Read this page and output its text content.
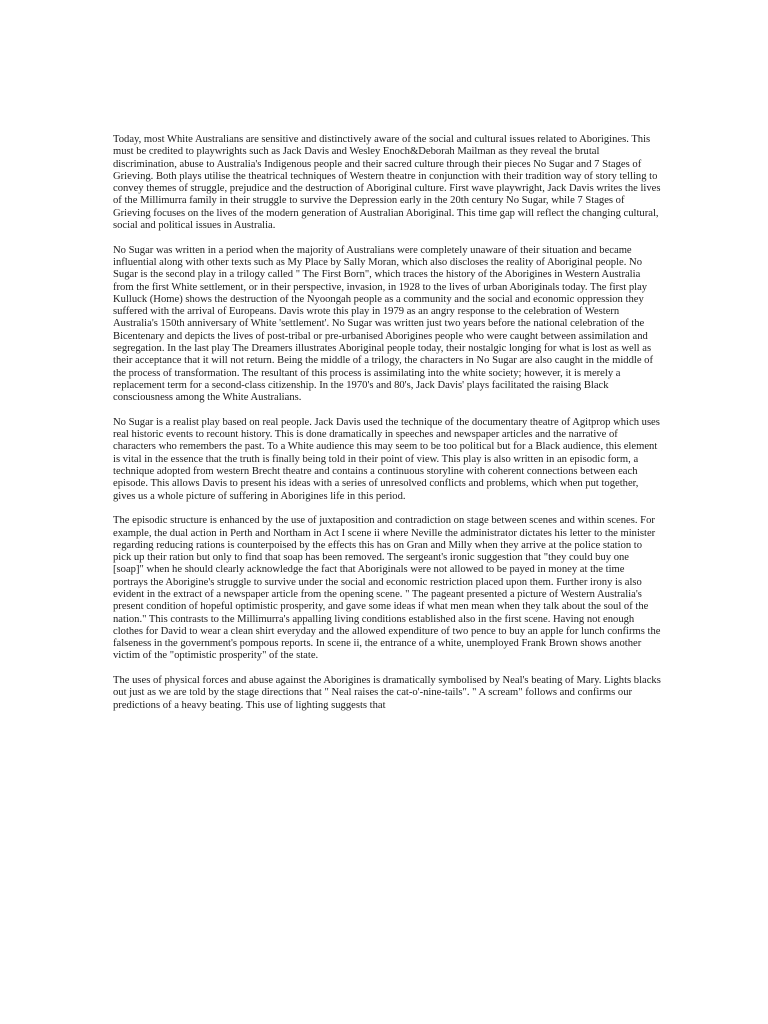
Today, most White Australians are sensitive and distinctively aware of the social and cultural issues related to Aborigines. This must be credited to playwrights such as Jack Davis and Wesley Enoch&Deborah Mailman as they reveal the brutal discrimination, abuse to Australia's Indigenous people and their sacred culture through their pieces No Sugar and 7 Stages of Grieving. Both plays utilise the theatrical techniques of Western theatre in conjunction with their tradition way of story telling to convey themes of struggle, prejudice and the destruction of Aboriginal culture. First wave playwright, Jack Davis writes the lives of the Millimurra family in their struggle to survive the Depression early in the 20th century No Sugar, while 7 Stages of Grieving focuses on the lives of the modern generation of Australian Aboriginal. This time gap will reflect the changing cultural, social and political issues in Australia.

No Sugar was written in a period when the majority of Australians were completely unaware of their situation and became influential along with other texts such as My Place by Sally Moran, which also discloses the reality of Aboriginal people. No Sugar is the second play in a trilogy called " The First Born", which traces the history of the Aborigines in Western Australia from the first White settlement, or in their perspective, invasion, in 1928 to the lives of urban Aboriginals today. The first play Kulluck (Home) shows the destruction of the Nyoongah people as a community and the social and economic oppression they suffered with the arrival of Europeans. Davis wrote this play in 1979 as an angry response to the celebration of Western Australia's 150th anniversary of White 'settlement'. No Sugar was written just two years before the national celebration of the Bicentenary and depicts the lives of post-tribal or pre-urbanised Aborigines people who were caught between assimilation and segregation. In the last play The Dreamers illustrates Aboriginal people today, their nostalgic longing for what is lost as well as their acceptance that it will not return. Being the middle of a trilogy, the characters in No Sugar are also caught in the middle of the process of transformation. The resultant of this process is assimilating into the white society; however, it is merely a replacement term for a second-class citizenship. In the 1970's and 80's, Jack Davis' plays facilitated the raising Black consciousness among the White Australians.

No Sugar is a realist play based on real people. Jack Davis used the technique of the documentary theatre of Agitprop which uses real historic events to recount history. This is done dramatically in speeches and newspaper articles and the narrative of characters who remembers the past. To a White audience this may seem to be too political but for a Black audience, this element is vital in the essence that the truth is finally being told in their point of view. This play is also written in an episodic form, a technique adopted from western Brecht theatre and contains a continuous storyline with coherent connections between each episode. This allows Davis to present his ideas with a series of unresolved conflicts and problems, which when put together, gives us a whole picture of suffering in Aborigines life in this period.

The episodic structure is enhanced by the use of juxtaposition and contradiction on stage between scenes and within scenes. For example, the dual action in Perth and Northam in Act I scene ii where Neville the administrator dictates his letter to the minister regarding reducing rations is counterpoised by the effects this has on Gran and Milly when they arrive at the police station to pick up their ration but only to find that soap has been removed. The sergeant's ironic suggestion that "they could buy one [soap]" when he should clearly acknowledge the fact that Aboriginals were not allowed to be payed in money at the time portrays the Aborigine's struggle to survive under the social and economic restriction placed upon them. Further irony is also evident in the extract of a newspaper article from the opening scene. " The pageant presented a picture of Western Australia's present condition of hopeful optimistic prosperity, and gave some ideas if what men mean when they talk about the soul of the nation." This contrasts to the Millimurra's appalling living conditions established also in the first scene. Having not enough clothes for David to wear a clean shirt everyday and the allowed expenditure of two pence to buy an apple for lunch confirms the falseness in the government's pompous reports. In scene ii, the entrance of a white, unemployed Frank Brown shows another victim of the "optimistic prosperity" of the state.

The uses of physical forces and abuse against the Aborigines is dramatically symbolised by Neal's beating of Mary. Lights blacks out just as we are told by the stage directions that " Neal raises the cat-o'-nine-tails". " A scream" follows and confirms our predictions of a heavy beating. This use of lighting suggests that
